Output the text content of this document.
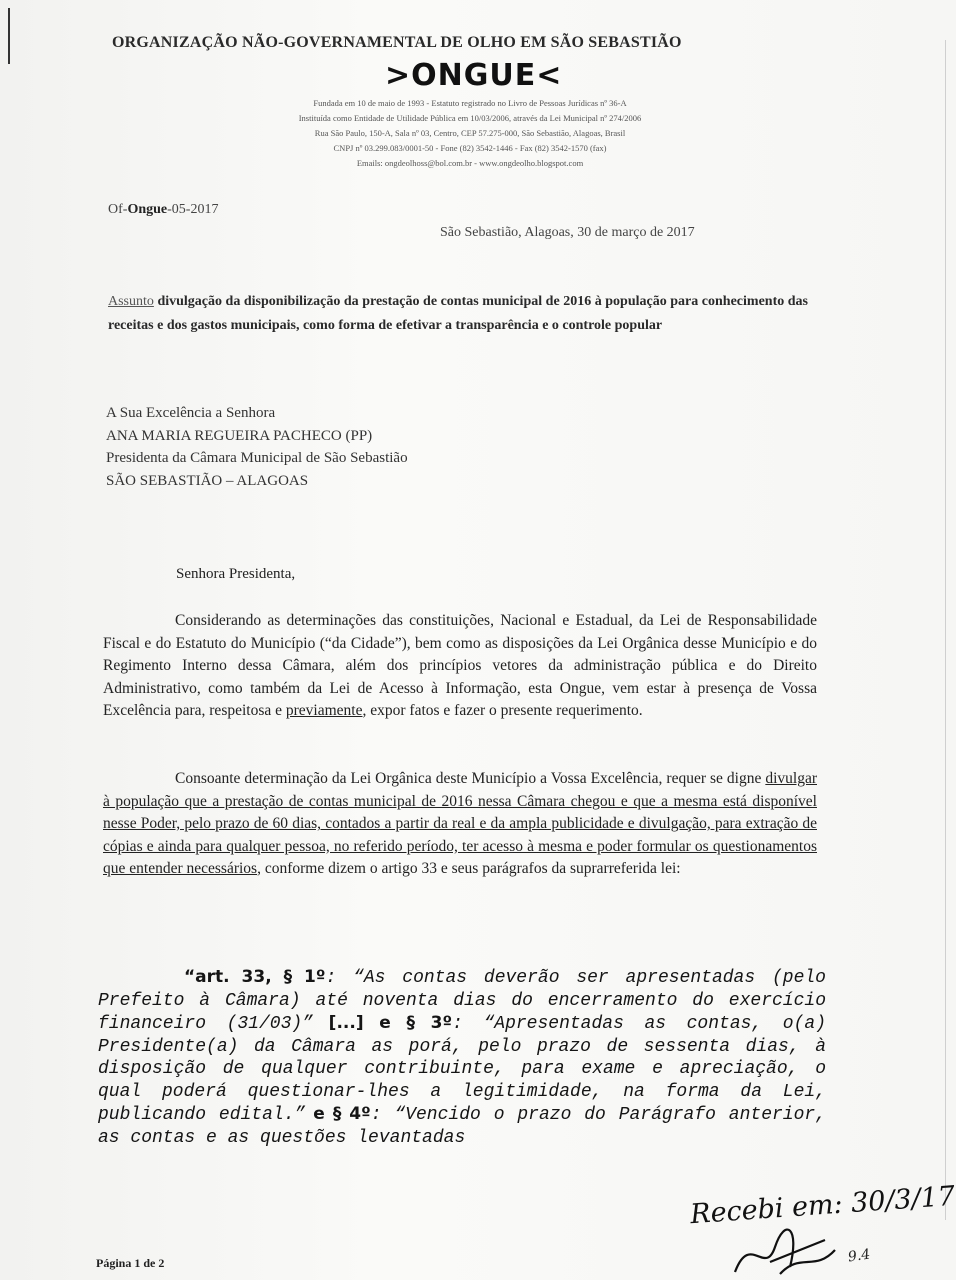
ORGANIZAÇÃO NÃO-GOVERNAMENTAL DE OLHO EM SÃO SEBASTIÃO
>ONGUE<
Fundada em 10 de maio de 1993 - Estatuto registrado no Livro de Pessoas Jurídicas nº 36-A
Instituída como Entidade de Utilidade Pública em 10/03/2006, através da Lei Municipal nº 274/2006
Rua São Paulo, 150-A, Sala nº 03, Centro, CEP 57.275-000, São Sebastião, Alagoas, Brasil
CNPJ nº 03.299.083/0001-50 - Fone (82) 3542-1446 - Fax (82) 3542-1570 (fax)
Emails: ongdeolhoss@bol.com.br - www.ongdeolho.blogspot.com
Of-Ongue-05-2017
São Sebastião, Alagoas, 30 de março de 2017
Assunto divulgação da disponibilização da prestação de contas municipal de 2016 à população para conhecimento das receitas e dos gastos municipais, como forma de efetivar a transparência e o controle popular
A Sua Excelência a Senhora
ANA MARIA REGUEIRA PACHECO (PP)
Presidenta da Câmara Municipal de São Sebastião
SÃO SEBASTIÃO – ALAGOAS
Senhora Presidenta,
Considerando as determinações das constituições, Nacional e Estadual, da Lei de Responsabilidade Fiscal e do Estatuto do Município (“da Cidade”), bem como as disposições da Lei Orgânica desse Município e do Regimento Interno dessa Câmara, além dos princípios vetores da administração pública e do Direito Administrativo, como também da Lei de Acesso à Informação, esta Ongue, vem estar à presença de Vossa Excelência para, respeitosa e previamente, expor fatos e fazer o presente requerimento.
Consoante determinação da Lei Orgânica deste Município a Vossa Excelência, requer se digne divulgar à população que a prestação de contas municipal de 2016 nessa Câmara chegou e que a mesma está disponível nesse Poder, pelo prazo de 60 dias, contados a partir da real e da ampla publicidade e divulgação, para extração de cópias e ainda para qualquer pessoa, no referido período, ter acesso à mesma e poder formular os questionamentos que entender necessários, conforme dizem o artigo 33 e seus parágrafos da suprarreferida lei:
“art. 33, § 1º: “As contas deverão ser apresentadas (pelo Prefeito à Câmara) até noventa dias do encerramento do exercício financeiro (31/03)” [...] e § 3º: “Apresentadas as contas, o(a) Presidente(a) da Câmara as porá, pelo prazo de sessenta dias, à disposição de qualquer contribuinte, para exame e apreciação, o qual poderá questionar-lhes a legitimidade, na forma da Lei, publicando edital.” e § 4º: “Vencido o prazo do Parágrafo anterior, as contas e as questões levantadas
Recebi em: 30/3/17
9.4
Página 1 de 2
